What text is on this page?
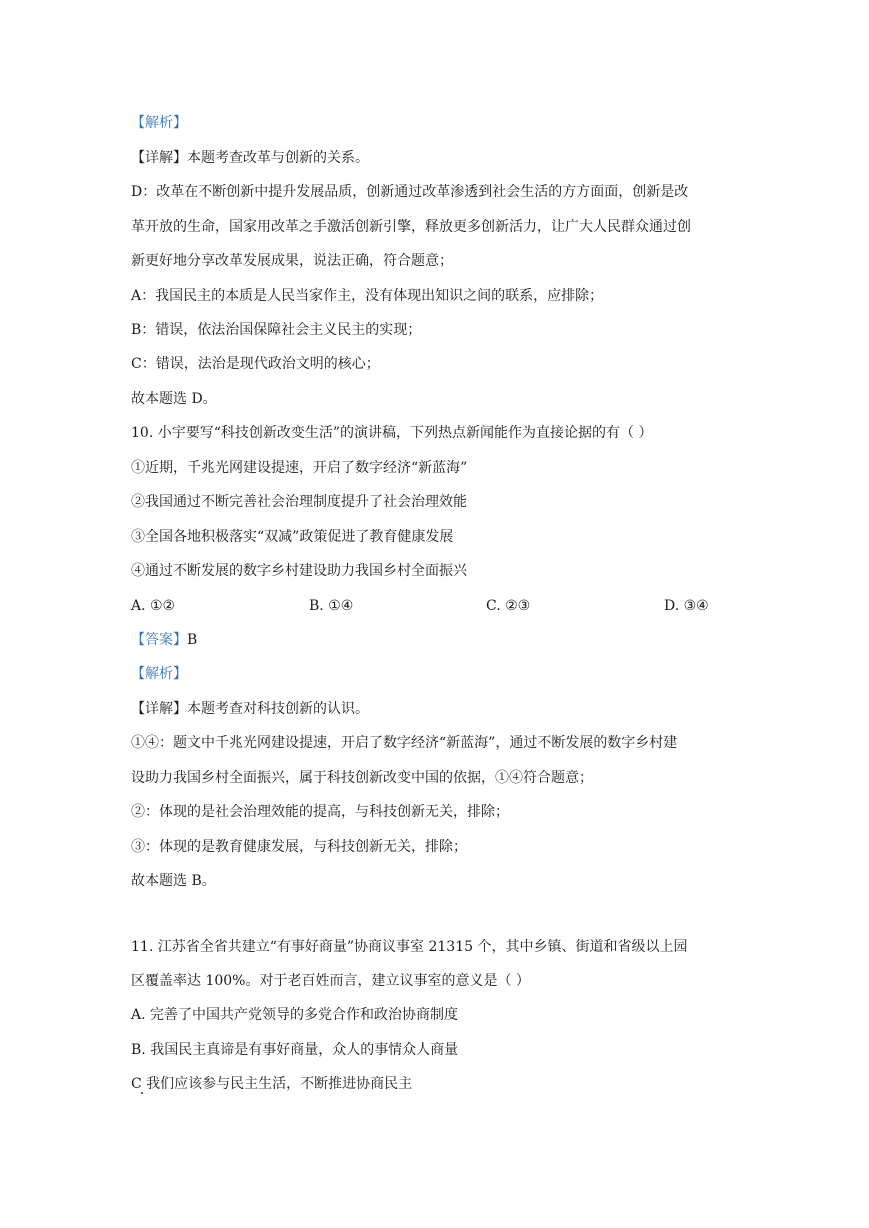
【解析】
【详解】本题考查改革与创新的关系。
D：改革在不断创新中提升发展品质，创新通过改革渗透到社会生活的方方面面，创新是改
革开放的生命，国家用改革之手激活创新引擎，释放更多创新活力，让广大人民群众通过创
新更好地分享改革发展成果，说法正确，符合题意；
A：我国民主的本质是人民当家作主，没有体现出知识之间的联系，应排除；
B：错误，依法治国保障社会主义民主的实现；
C：错误，法治是现代政治文明的核心；
故本题选 D。
10. 小宇要写“科技创新改变生活”的演讲稿，下列热点新闻能作为直接论据的有（ ）
①近期，千兆光网建设提速，开启了数字经济“新蓝海”
②我国通过不断完善社会治理制度提升了社会治理效能
③全国各地积极落实“双减”政策促进了教育健康发展
④通过不断发展的数字乡村建设助力我国乡村全面振兴
A. ①②	B. ①④	C. ②③	D. ③④
【答案】B
【解析】
【详解】本题考查对科技创新的认识。
①④：题文中千兆光网建设提速，开启了数字经济“新蓝海”，通过不断发展的数字乡村建
设助力我国乡村全面振兴，属于科技创新改变中国的依据，①④符合题意；
②：体现的是社会治理效能的提高，与科技创新无关，排除；
③：体现的是教育健康发展，与科技创新无关，排除；
故本题选 B。
11. 江苏省全省共建立“有事好商量”协商议事室 21315 个，其中乡镇、街道和省级以上园
区覆盖率达 100%。对于老百姓而言，建立议事室的意义是（ ）
A. 完善了中国共产党领导的多党合作和政治协商制度
B. 我国民主真谛是有事好商量，众人的事情众人商量
C 我们应该参与民主生活，不断推进协商民主
